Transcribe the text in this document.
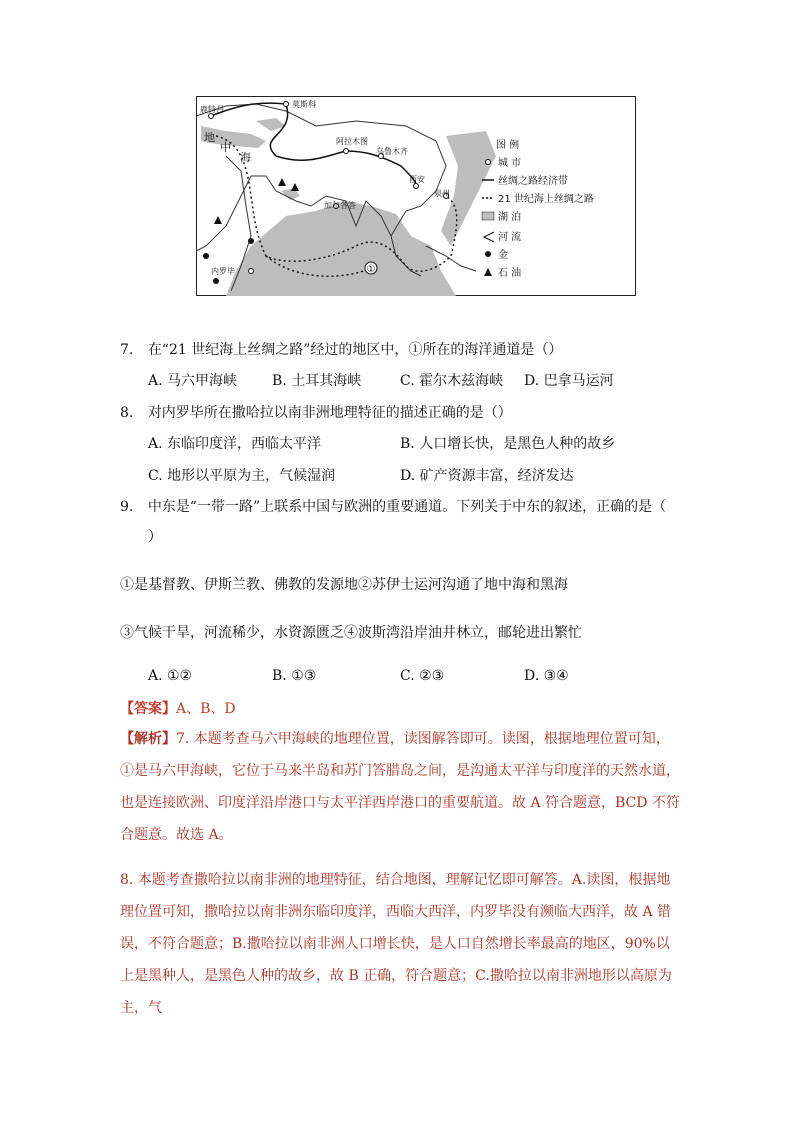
①
鹿特丹
莫斯科
阿拉木图
乌鲁木齐
西安
泉州
加尔各答
内罗毕
地
中
海
图 例
城 市
丝绸之路经济带
21 世纪海上丝绸之路
湖 泊
河 流
金
石 油
7. 在“21 世纪海上丝绸之路”经过的地区中，①所在的海洋通道是（）
A. 马六甲海峡 B. 土耳其海峡	C. 霍尔木兹海峡 D. 巴拿马运河
8. 对内罗毕所在撒哈拉以南非洲地理特征的描述正确的是（）
A. 东临印度洋，西临太平洋	B. 人口增长快，是黑色人种的故乡
C. 地形以平原为主，气候湿润	D. 矿产资源丰富，经济发达
9. 中东是“一带一路”上联系中国与欧洲的重要通道。下列关于中东的叙述，正确的是（
）
①是基督教、伊斯兰教、佛教的发源地②苏伊士运河沟通了地中海和黑海
③气候干旱，河流稀少，水资源匮乏④波斯湾沿岸油井林立，邮轮进出繁忙
A. ①②	B. ①③	C. ②③	D. ③④
【答案】A、B、D
【解析】7. 本题考查马六甲海峡的地理位置，读图解答即可。读图，根据地理位置可知，①是马六甲海峡，它位于马来半岛和苏门答腊岛之间，是沟通太平洋与印度洋的天然水道，也是连接欧洲、印度洋沿岸港口与太平洋西岸港口的重要航道。故 A 符合题意，BCD 不符合题意。故选 A。
8. 本题考查撒哈拉以南非洲的地理特征，结合地图，理解记忆即可解答。A.读图，根据地理位置可知，撒哈拉以南非洲东临印度洋，西临大西洋，内罗毕没有濒临大西洋，故 A 错误，不符合题意；B.撒哈拉以南非洲人口增长快，是人口自然增长率最高的地区，90%以上是黑种人，是黑色人种的故乡，故 B 正确，符合题意；C.撒哈拉以南非洲地形以高原为主，气
